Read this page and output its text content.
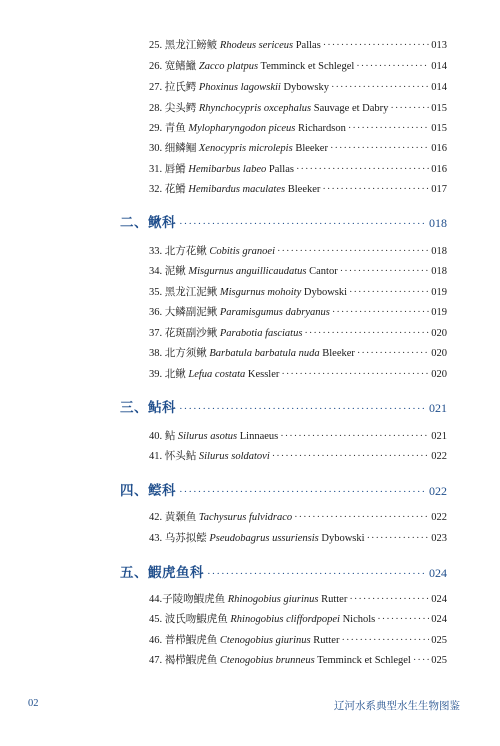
25. 黑龙江鳑鲏 Rhodeus sericeus Pallas ·····	013
26. 宽鳍鱲 Zacco platpus Temminck et Schlegel ·····	014
27. 拉氏鳄 Phoxinus lagowskii Dybowsky ·····	014
28. 尖头鳄 Rhynchocypris oxcephalus Sauvage et Dabry ·····	015
29. 青鱼 Mylopharyngodon piceus Richardson ·····	015
30. 细鳞鲴 Xenocypris microlepis Bleeker ·····	016
31. 唇䱻 Hemibarbus labeo Pallas ·····	016
32. 花䱻 Hemibardus maculates Bleeker ·····	017
二、鳅科 ·····	018
33. 北方花鳅 Cobitis granoei ·····	018
34. 泥鳅 Misgurnus anguillicaudatus Cantor ·····	018
35. 黑龙江泥鳅 Misgurnus mohoity Dybowski ·····	019
36. 大鳞副泥鳅 Paramisgumus dabryanus ·····	019
37. 花斑副沙鳅 Parabotia fasciatus ·····	020
38. 北方须鳅 Barbatula barbatula nuda Bleeker ·····	020
39. 北鳅 Lefua costata Kessler ·····	020
三、鲇科 ·····	021
40. 鲇 Silurus asotus Linnaeus ·····	021
41. 怀头鲇 Silurus soldatovi ·····	022
四、鲿科 ·····	022
42. 黄颡鱼 Tachysurus fulvidraco ·····	022
43. 乌苏拟鲿 Pseudobagrus ussuriensis Dybowski ·····	023
五、鰕虎鱼科 ·····	024
44.子陵吻鰕虎鱼 Rhinogobius giurinus Rutter ·····	024
45. 波氏吻鰕虎鱼 Rhinogobius cliffordpopei Nichols ·····	024
46. 普栉鰕虎鱼 Ctenogobius giurinus Rutter ·····	025
47. 褐栉鰕虎鱼 Ctenogobius brunneus Temminck et Schlegel ····· 025
02	辽河水系典型水生生物图鉴
